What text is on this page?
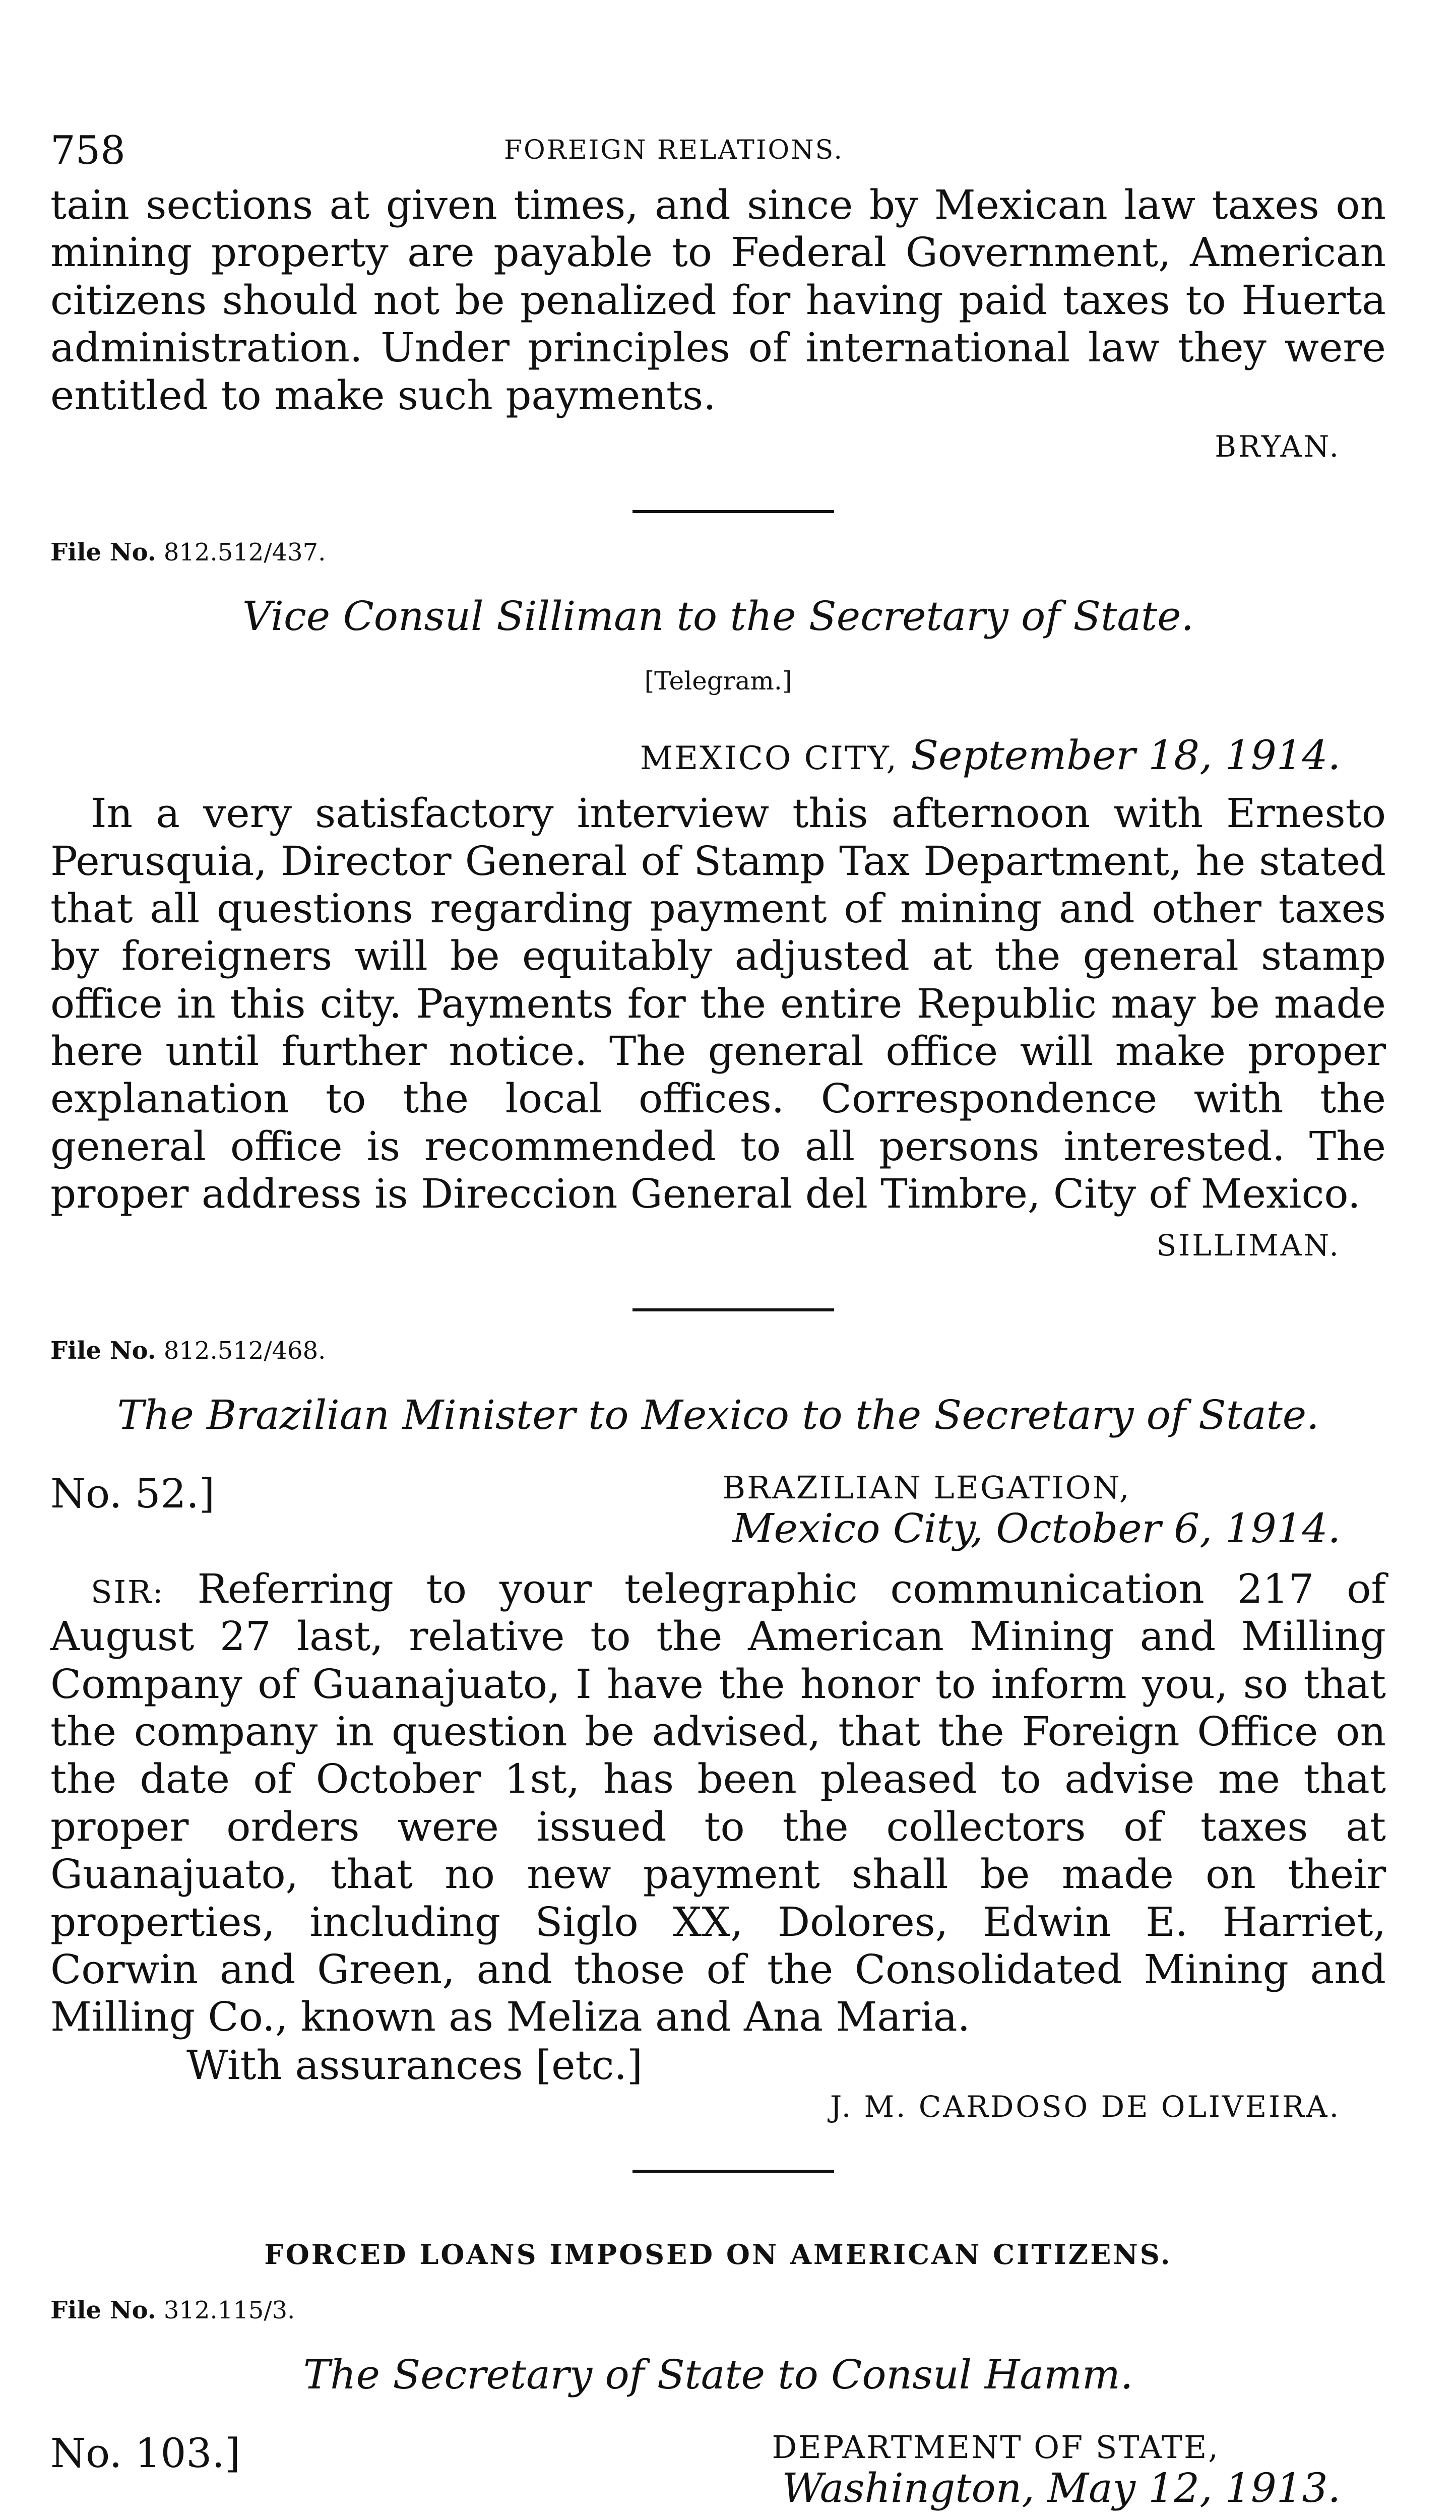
758	FOREIGN RELATIONS.

tain sections at given times, and since by Mexican law taxes on mining property are payable to Federal Government, American citizens should not be penalized for having paid taxes to Huerta administration. Under principles of international law they were entitled to make such payments.

BRYAN.
File No. 812.512/437.
Vice Consul Silliman to the Secretary of State.
[Telegram.]
MEXICO CITY, September 18, 1914.

In a very satisfactory interview this afternoon with Ernesto Perusquia, Director General of Stamp Tax Department, he stated that all questions regarding payment of mining and other taxes by foreigners will be equitably adjusted at the general stamp office in this city. Payments for the entire Republic may be made here until further notice. The general office will make proper explanation to the local offices. Correspondence with the general office is recommended to all persons interested. The proper address is Direccion General del Timbre, City of Mexico.

SILLIMAN.
File No. 812.512/468.
The Brazilian Minister to Mexico to the Secretary of State.
No. 52.]	BRAZILIAN LEGATION,
Mexico City, October 6, 1914.

SIR: Referring to your telegraphic communication 217 of August 27 last, relative to the American Mining and Milling Company of Guanajuato, I have the honor to inform you, so that the company in question be advised, that the Foreign Office on the date of October 1st, has been pleased to advise me that proper orders were issued to the collectors of taxes at Guanajuato, that no new payment shall be made on their properties, including Siglo XX, Dolores, Edwin E. Harriet, Corwin and Green, and those of the Consolidated Mining and Milling Co., known as Meliza and Ana Maria.

With assurances [etc.]
J. M. CARDOSO DE OLIVEIRA.
FORCED LOANS IMPOSED ON AMERICAN CITIZENS.
File No. 312.115/3.
The Secretary of State to Consul Hamm.
No. 103.]	DEPARTMENT OF STATE,
Washington, May 12, 1913.
